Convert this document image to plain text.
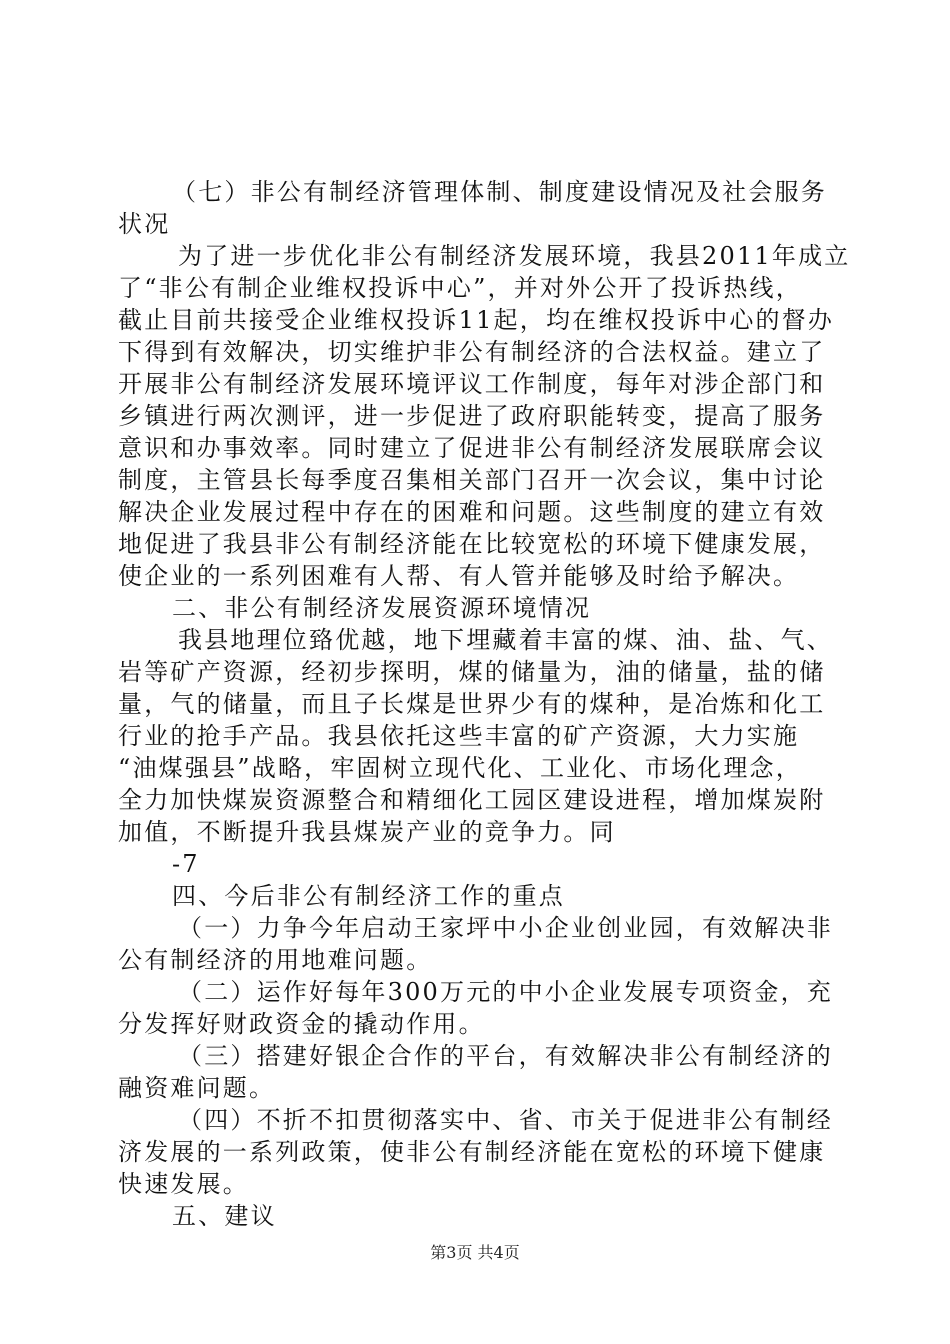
（七）非公有制经济管理体制、制度建设情况及社会服务
状况
为了进一步优化非公有制经济发展环境，我县2011年成立
了“非公有制企业维权投诉中心”，并对外公开了投诉热线，
截止目前共接受企业维权投诉11起，均在维权投诉中心的督办
下得到有效解决，切实维护非公有制经济的合法权益。建立了
开展非公有制经济发展环境评议工作制度，每年对涉企部门和
乡镇进行两次测评，进一步促进了政府职能转变，提高了服务
意识和办事效率。同时建立了促进非公有制经济发展联席会议
制度，主管县长每季度召集相关部门召开一次会议，集中讨论
解决企业发展过程中存在的困难和问题。这些制度的建立有效
地促进了我县非公有制经济能在比较宽松的环境下健康发展，
使企业的一系列困难有人帮、有人管并能够及时给予解决。
二、非公有制经济发展资源环境情况
我县地理位臵优越，地下埋藏着丰富的煤、油、盐、气、
岩等矿产资源，经初步探明，煤的储量为，油的储量，盐的储
量，气的储量，而且子长煤是世界少有的煤种，是冶炼和化工
行业的抢手产品。我县依托这些丰富的矿产资源，大力实施
“油煤强县”战略，牢固树立现代化、工业化、市场化理念，
全力加快煤炭资源整合和精细化工园区建设进程，增加煤炭附
加值，不断提升我县煤炭产业的竞争力。同
-7
四、今后非公有制经济工作的重点
（一）力争今年启动王家坪中小企业创业园，有效解决非
公有制经济的用地难问题。
（二）运作好每年300万元的中小企业发展专项资金，充
分发挥好财政资金的撬动作用。
（三）搭建好银企合作的平台，有效解决非公有制经济的
融资难问题。
（四）不折不扣贯彻落实中、省、市关于促进非公有制经
济发展的一系列政策，使非公有制经济能在宽松的环境下健康
快速发展。
五、建议
第3页 共4页
